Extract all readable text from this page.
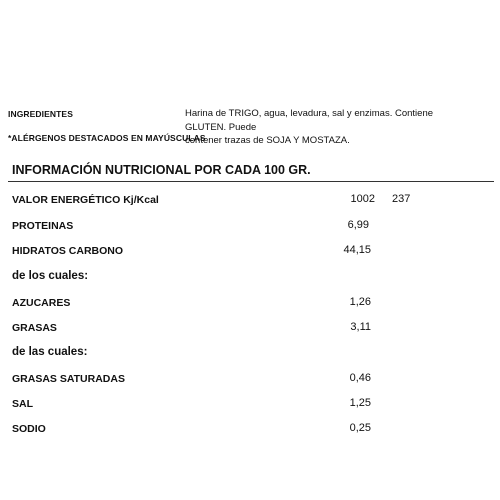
INGREDIENTES	Harina de TRIGO, agua, levadura, sal y enzimas. Contiene GLUTEN. Puede
contener trazas de SOJA Y MOSTAZA.
*ALÉRGENOS DESTACADOS EN MAYÚSCULAS
INFORMACIÓN NUTRICIONAL POR CADA 100 GR.
VALOR ENERGÉTICO Kj/Kcal	1002 237
PROTEINAS	6,99
HIDRATOS CARBONO	44,15
de los cuales:
AZUCARES	1,26
GRASAS	3,11
de las cuales:
GRASAS SATURADAS	0,46
SAL	1,25
SODIO	0,25
